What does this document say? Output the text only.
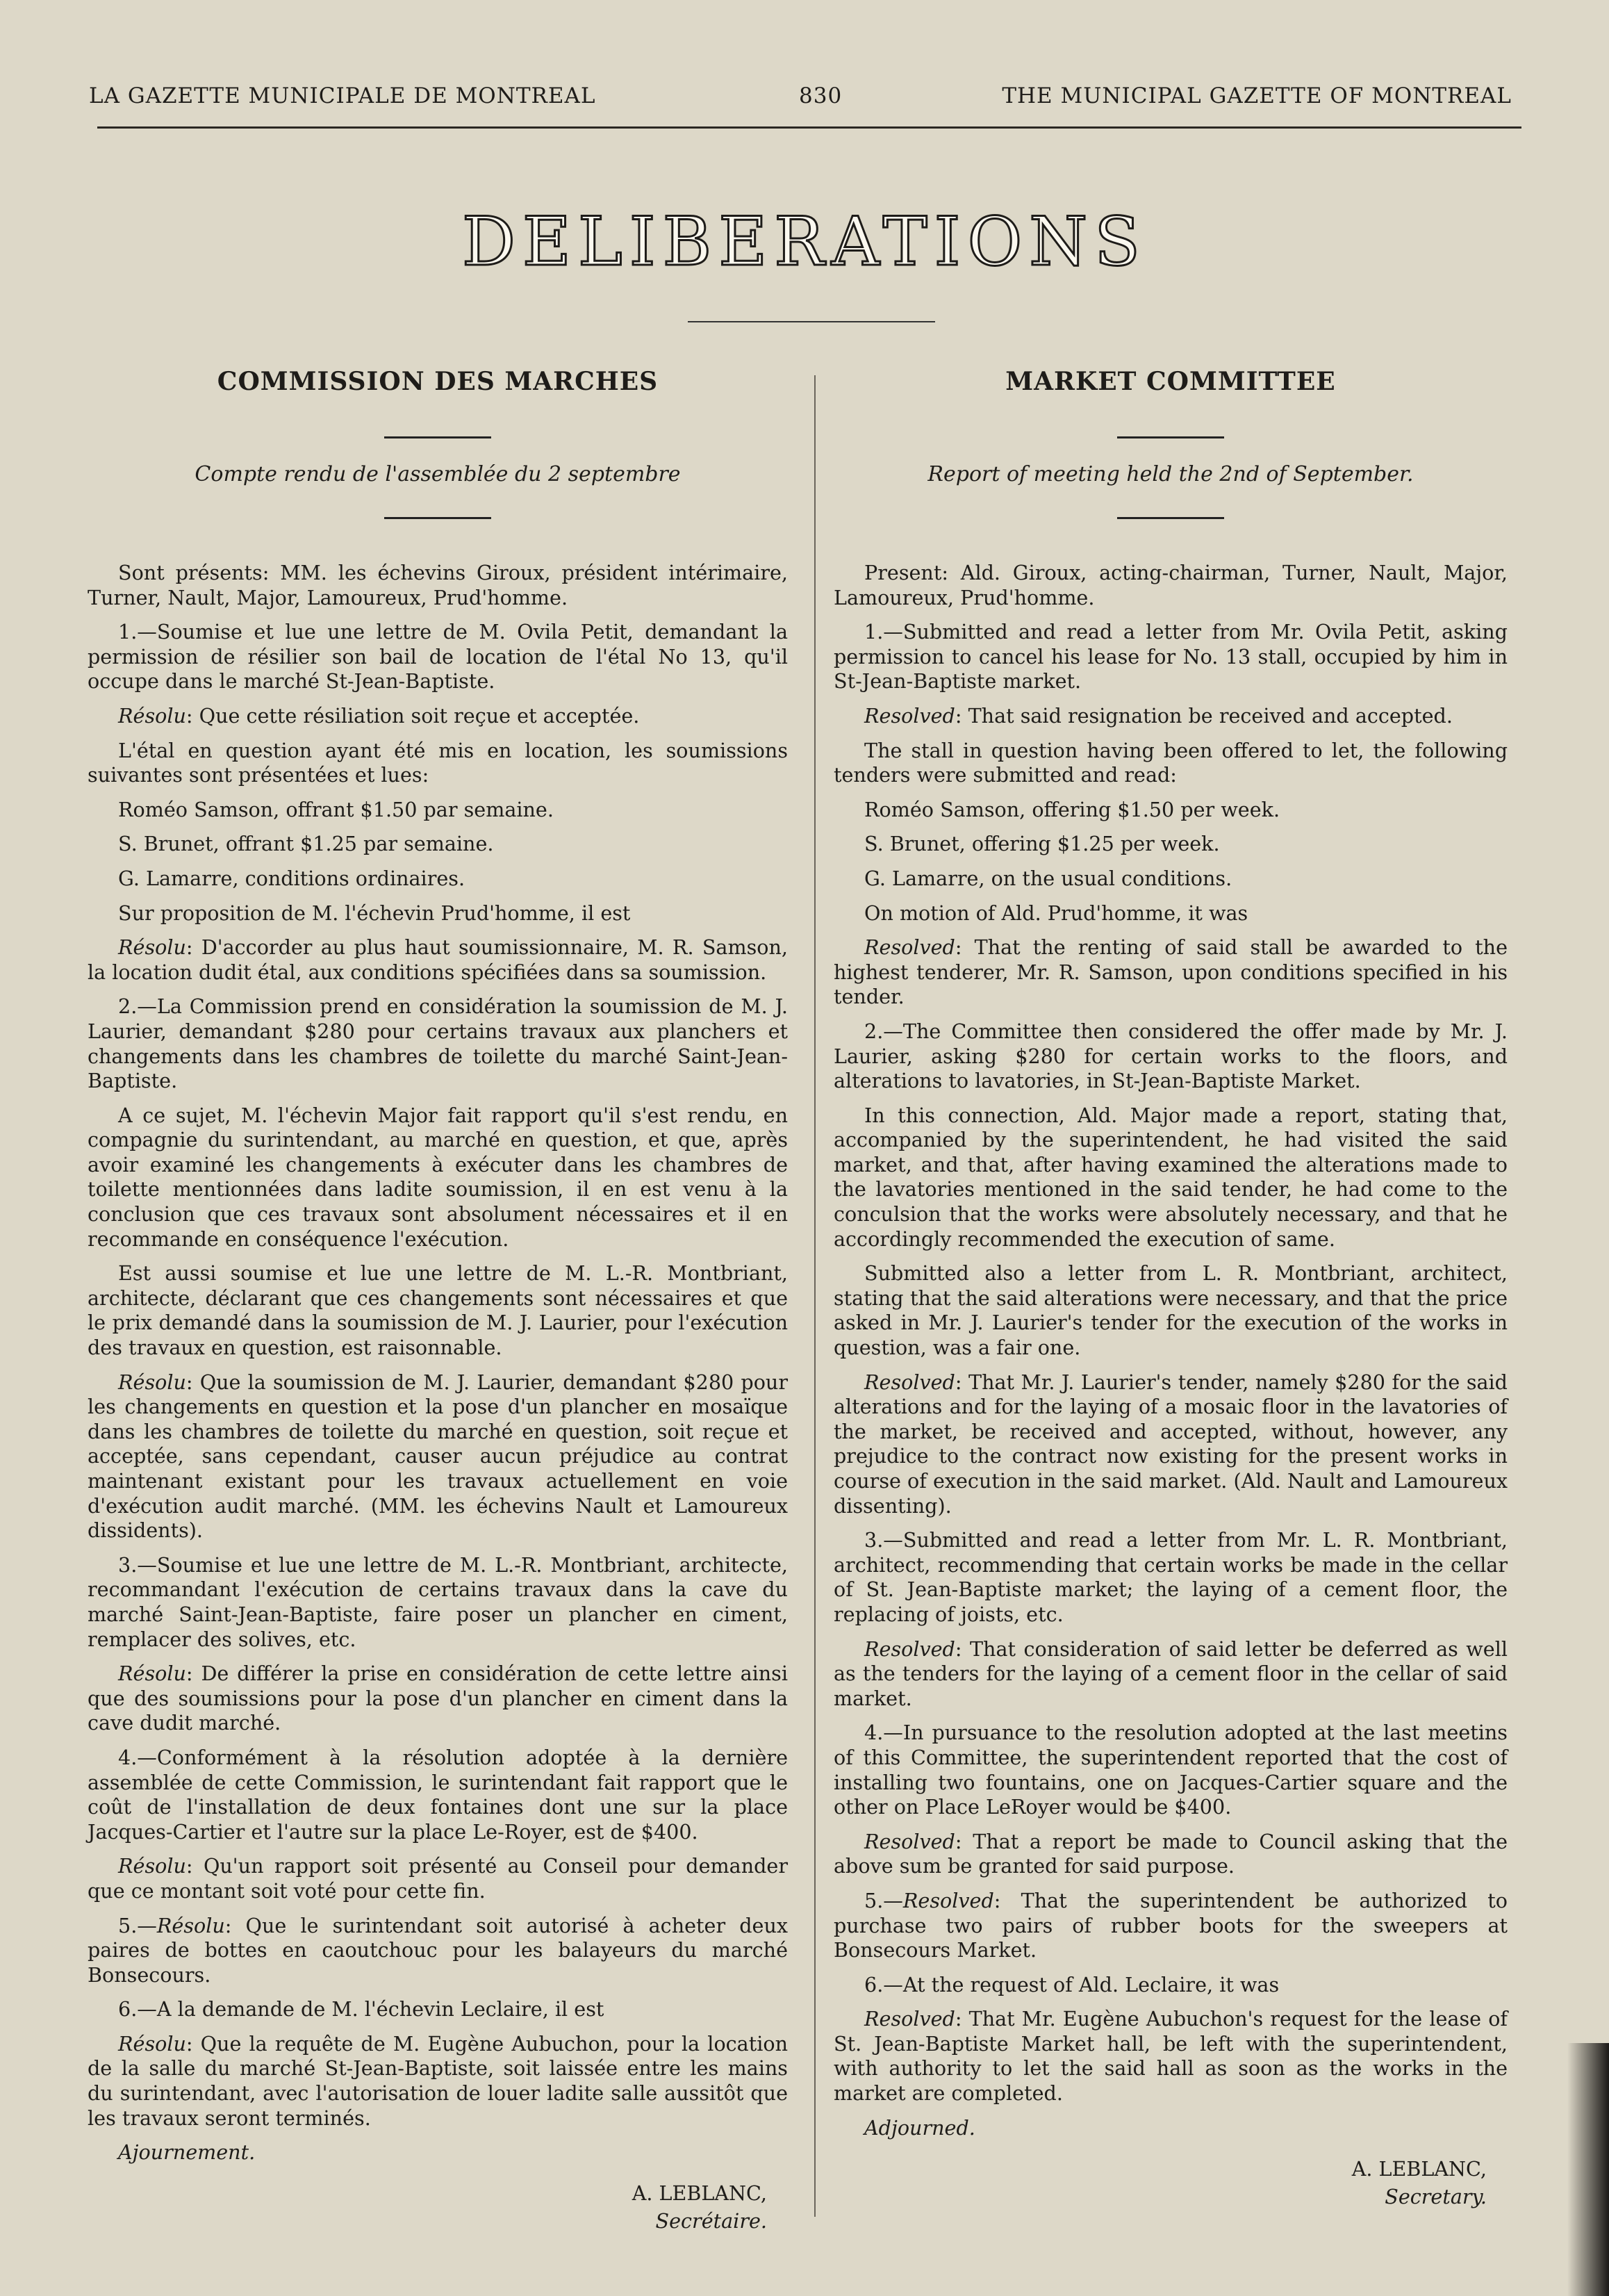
LA GAZETTE MUNICIPALE DE MONTREAL	830	THE MUNICIPAL GAZETTE OF MONTREAL
DELIBERATIONS
COMMISSION DES MARCHES
Compte rendu de l'assemblée du 2 septembre

Sont présents: MM. les échevins Giroux, président intérimaire, Turner, Nault, Major, Lamoureux, Prud'homme.

1.—Soumise et lue une lettre de M. Ovila Petit, demandant la permission de résilier son bail de location de l'étal No 13, qu'il occupe dans le marché St-Jean-Baptiste.

Résolu: Que cette résiliation soit reçue et acceptée.

L'étal en question ayant été mis en location, les soumissions suivantes sont présentées et lues:

Roméo Samson, offrant $1.50 par semaine.

S. Brunet, offrant $1.25 par semaine.

G. Lamarre, conditions ordinaires.

Sur proposition de M. l'échevin Prud'homme, il est

Résolu: D'accorder au plus haut soumissionnaire, M. R. Samson, la location dudit étal, aux conditions spécifiées dans sa soumission.

2.—La Commission prend en considération la soumission de M. J. Laurier, demandant $280 pour certains travaux aux planchers et changements dans les chambres de toilette du marché Saint-Jean-Baptiste.

A ce sujet, M. l'échevin Major fait rapport qu'il s'est rendu, en compagnie du surintendant, au marché en question, et que, après avoir examiné les changements à exécuter dans les chambres de toilette mentionnées dans ladite soumission, il en est venu à la conclusion que ces travaux sont absolument nécessaires et il en recommande en conséquence l'exécution.

Est aussi soumise et lue une lettre de M. L.-R. Montbriant, architecte, déclarant que ces changements sont nécessaires et que le prix demandé dans la soumission de M. J. Laurier, pour l'exécution des travaux en question, est raisonnable.

Résolu: Que la soumission de M. J. Laurier, demandant $280 pour les changements en question et la pose d'un plancher en mosaïque dans les chambres de toilette du marché en question, soit reçue et acceptée, sans cependant, causer aucun préjudice au contrat maintenant existant pour les travaux actuellement en voie d'exécution audit marché. (MM. les échevins Nault et Lamoureux dissidents).

3.—Soumise et lue une lettre de M. L.-R. Montbriant, architecte, recommandant l'exécution de certains travaux dans la cave du marché Saint-Jean-Baptiste, faire poser un plancher en ciment, remplacer des solives, etc.

Résolu: De différer la prise en considération de cette lettre ainsi que des soumissions pour la pose d'un plancher en ciment dans la cave dudit marché.

4.—Conformément à la résolution adoptée à la dernière assemblée de cette Commission, le surintendant fait rapport que le coût de l'installation de deux fontaines dont une sur la place Jacques-Cartier et l'autre sur la place Le-Royer, est de $400.

Résolu: Qu'un rapport soit présenté au Conseil pour demander que ce montant soit voté pour cette fin.

5.—Résolu: Que le surintendant soit autorisé à acheter deux paires de bottes en caoutchouc pour les balayeurs du marché Bonsecours.

6.—A la demande de M. l'échevin Leclaire, il est

Résolu: Que la requête de M. Eugène Aubuchon, pour la location de la salle du marché St-Jean-Baptiste, soit laissée entre les mains du surintendant, avec l'autorisation de louer ladite salle aussitôt que les travaux seront terminés.

Ajournement.
A. LEBLANC,
Secrétaire.
MARKET COMMITTEE
Report of meeting held the 2nd of September.

Present: Ald. Giroux, acting-chairman, Turner, Nault, Major, Lamoureux, Prud'homme.

1.—Submitted and read a letter from Mr. Ovila Petit, asking permission to cancel his lease for No. 13 stall, occupied by him in St-Jean-Baptiste market.

Resolved: That said resignation be received and accepted.

The stall in question having been offered to let, the following tenders were submitted and read:

Roméo Samson, offering $1.50 per week.

S. Brunet, offering $1.25 per week.

G. Lamarre, on the usual conditions.

On motion of Ald. Prud'homme, it was

Resolved: That the renting of said stall be awarded to the highest tenderer, Mr. R. Samson, upon conditions specified in his tender.

2.—The Committee then considered the offer made by Mr. J. Laurier, asking $280 for certain works to the floors, and alterations to lavatories, in St-Jean-Baptiste Market.

In this connection, Ald. Major made a report, stating that, accompanied by the superintendent, he had visited the said market, and that, after having examined the alterations made to the lavatories mentioned in the said tender, he had come to the conculsion that the works were absolutely necessary, and that he accordingly recommended the execution of same.

Submitted also a letter from L. R. Montbriant, architect, stating that the said alterations were necessary, and that the price asked in Mr. J. Laurier's tender for the execution of the works in question, was a fair one.

Resolved: That Mr. J. Laurier's tender, namely $280 for the said alterations and for the laying of a mosaic floor in the lavatories of the market, be received and accepted, without, however, any prejudice to the contract now existing for the present works in course of execution in the said market. (Ald. Nault and Lamoureux dissenting).

3.—Submitted and read a letter from Mr. L. R. Montbriant, architect, recommending that certain works be made in the cellar of St. Jean-Baptiste market; the laying of a cement floor, the replacing of joists, etc.

Resolved: That consideration of said letter be deferred as well as the tenders for the laying of a cement floor in the cellar of said market.

4.—In pursuance to the resolution adopted at the last meetins of this Committee, the superintendent reported that the cost of installing two fountains, one on Jacques-Cartier square and the other on Place LeRoyer would be $400.

Resolved: That a report be made to Council asking that the above sum be granted for said purpose.

5.—Resolved: That the superintendent be authorized to purchase two pairs of rubber boots for the sweepers at Bonsecours Market.

6.—At the request of Ald. Leclaire, it was

Resolved: That Mr. Eugène Aubuchon's request for the lease of St. Jean-Baptiste Market hall, be left with the superintendent, with authority to let the said hall as soon as the works in the market are completed.

Adjourned.
A. LEBLANC,
Secretary.
